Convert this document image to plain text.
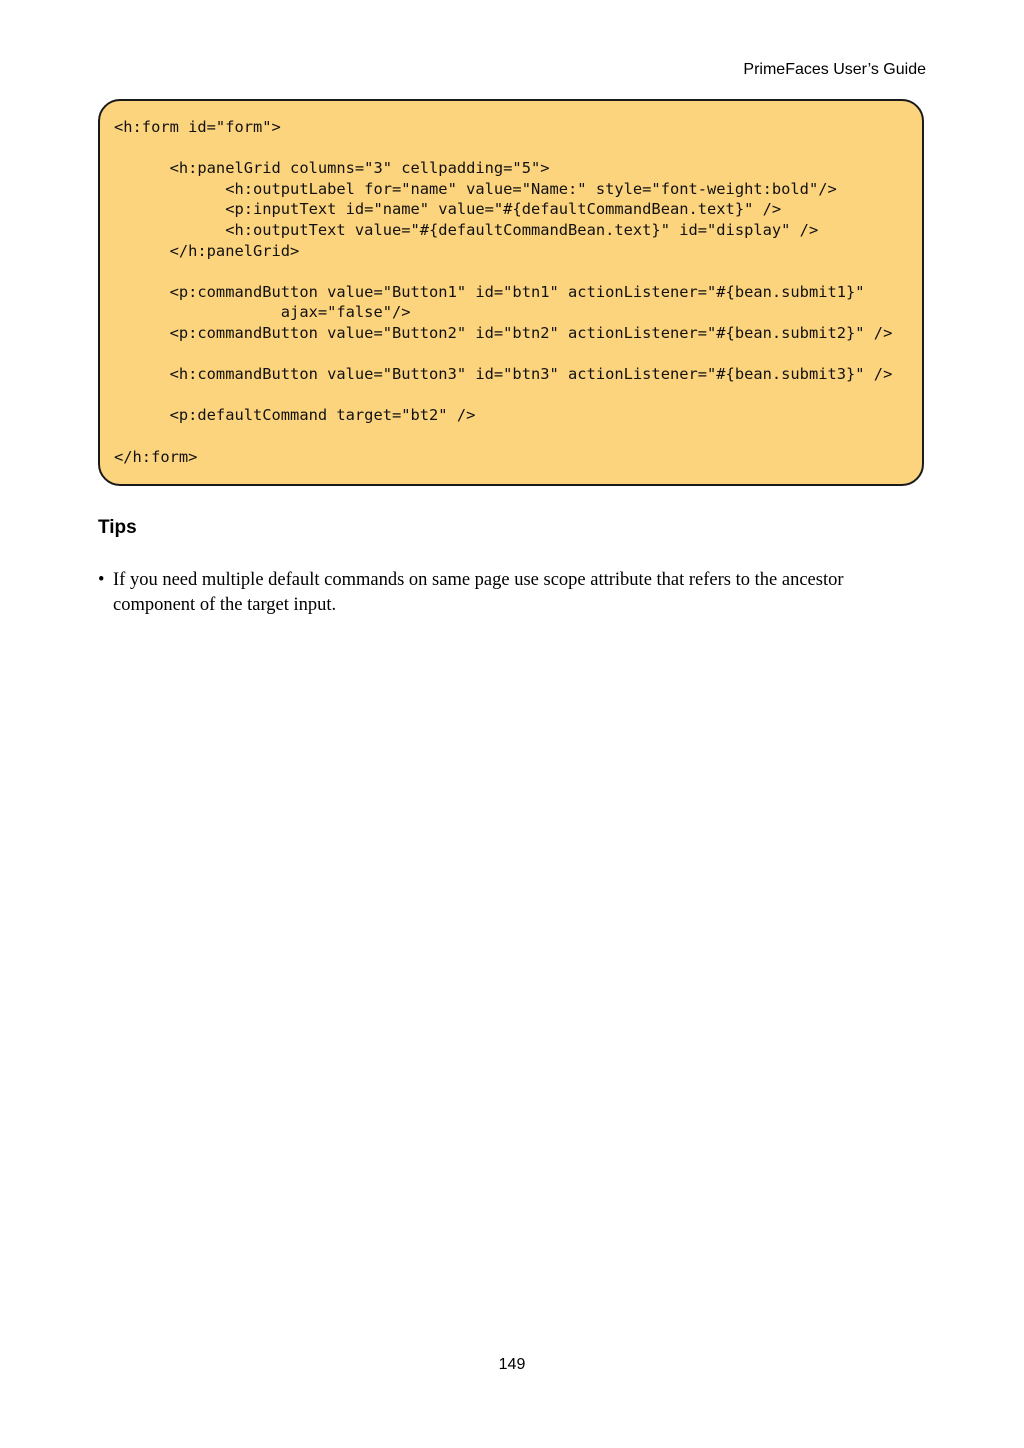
PrimeFaces User’s Guide
<h:form id="form">

<h:panelGrid columns="3" cellpadding="5">
<h:outputLabel for="name" value="Name:" style="font-weight:bold"/>
<p:inputText id="name" value="#{defaultCommandBean.text}" />
<h:outputText value="#{defaultCommandBean.text}" id="display" />
</h:panelGrid>

<p:commandButton value="Button1" id="btn1" actionListener="#{bean.submit1}"
ajax="false"/>
<p:commandButton value="Button2" id="btn2" actionListener="#{bean.submit2}" />

<h:commandButton value="Button3" id="btn3" actionListener="#{bean.submit3}" />

<p:defaultCommand target="bt2" />

</h:form>
Tips
• If you need multiple default commands on same page use scope attribute that refers to the ancestor component of the target input.
149
